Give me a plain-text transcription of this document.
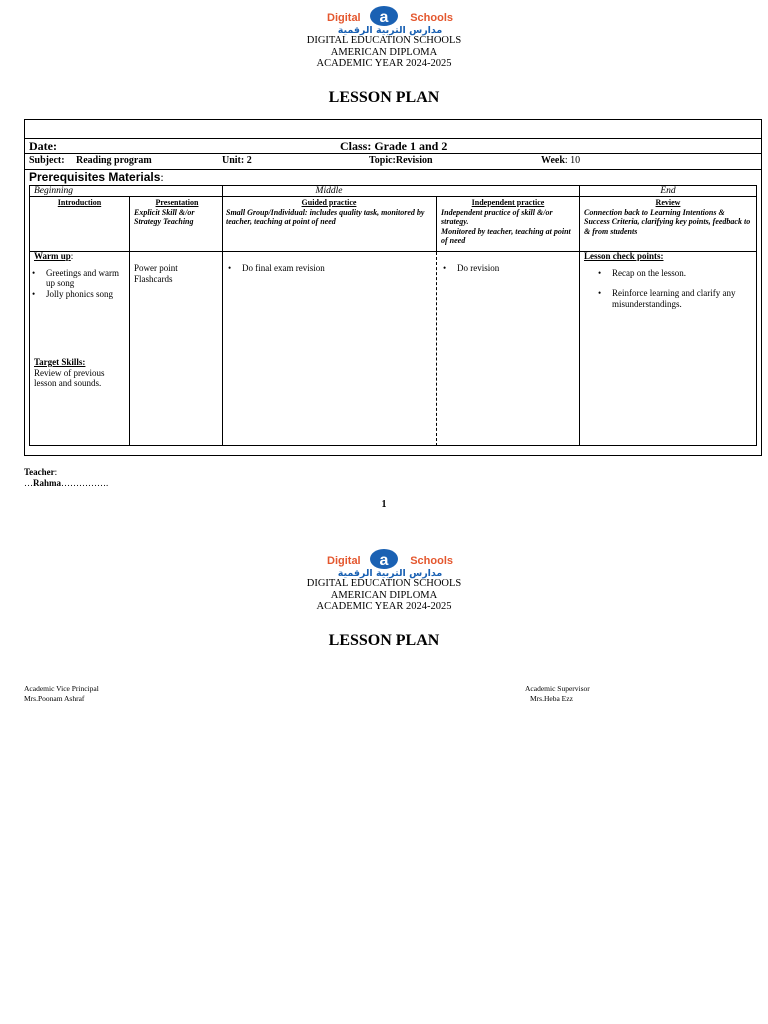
Digital	Schools
a
مدارس التربية الرقمية
DIGITAL EDUCATION SCHOOLS
AMERICAN DIPLOMA
ACADEMIC YEAR 2024-2025
LESSON PLAN
Date:	Class: Grade 1 and 2
Subject: Reading program	Unit: 2	Topic:Revision	Week: 10
Prerequisites Materials:
Beginning	Middle	End
Introduction	Presentation
Explicit Skill &/or Strategy Teaching
Guided practice
Small Group/Individual: includes quality task, monitored by teacher, teaching at point of need
Independent practice
Independent practice of skill &/or strategy.
Monitored by teacher, teaching at point of need
Review
Connection back to Learning Intentions & Success Criteria, clarifying key points, feedback to & from students
Warm up:
• Greetings and warm up song
• Jolly phonics song
Target Skills:
Review of previous lesson and sounds.
Power point
Flashcards
• Do final exam revision
•	Do revision
Lesson check points:
• Recap on the lesson.
• Reinforce learning and clarify any misunderstandings.
Teacher:
…Rahma…………….
1
Digital	Schools
a
مدارس التربية الرقمية
DIGITAL EDUCATION SCHOOLS
AMERICAN DIPLOMA
ACADEMIC YEAR 2024-2025
LESSON PLAN
Academic Vice Principal
Mrs.Poonam Ashraf
Academic Supervisor
Mrs.Heba Ezz
